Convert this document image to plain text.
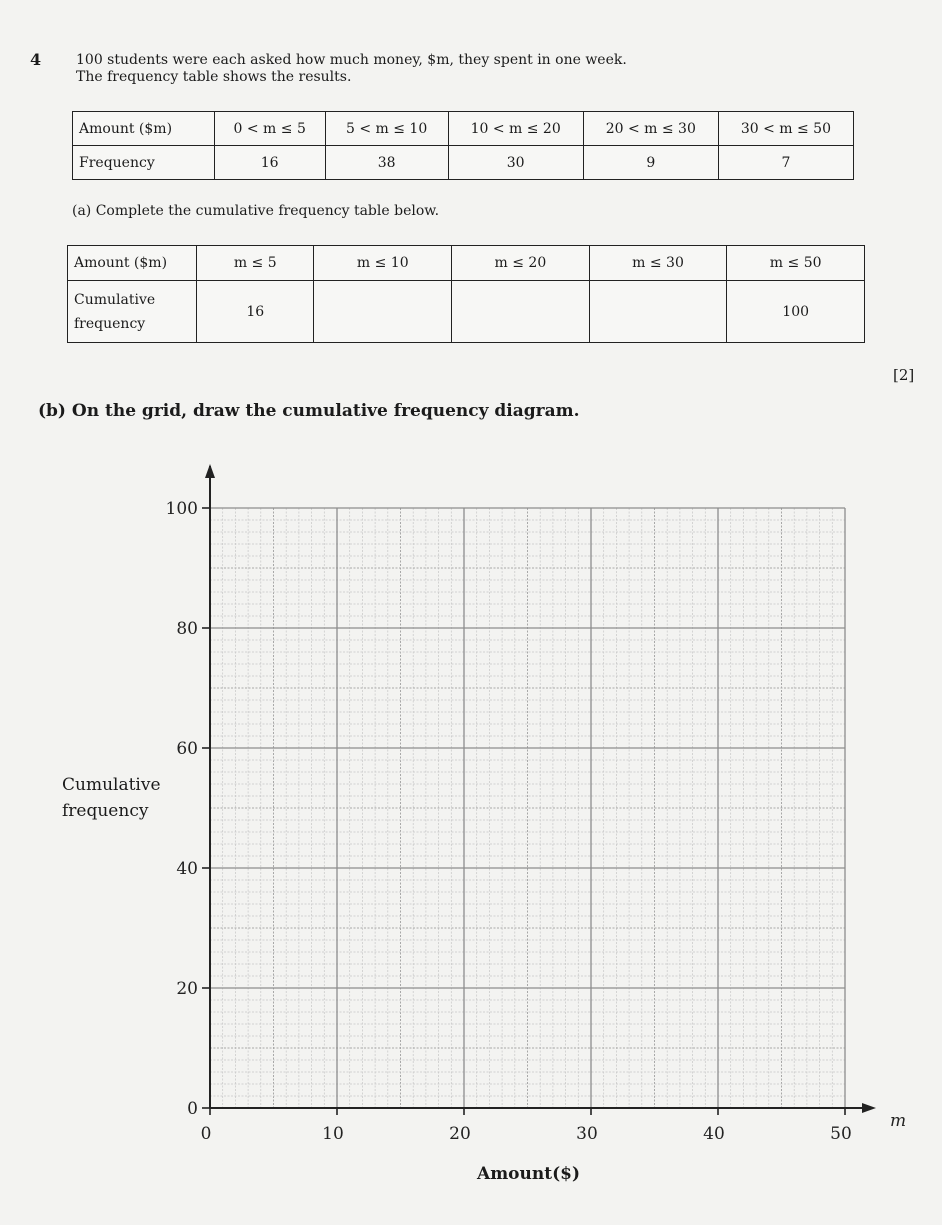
4 100 students were each asked how much money, $m, they spent in one week.
The frequency table shows the results.
Amount ($m)	0 < m ≤ 5	5 < m ≤ 10	10 < m ≤ 20	20 < m ≤ 30	30 < m ≤ 50
Frequency	16	38	30	9	7
(a) Complete the cumulative frequency table below.
Amount ($m)	m ≤ 5	m ≤ 10	m ≤ 20	m ≤ 30	m ≤ 50
Cumulative frequency	16				100
[2]
(b) On the grid, draw the cumulative frequency diagram.
0
20
40
60
80
100
0	10	20	30	40	50
m
Cumulative frequency
Amount($)
